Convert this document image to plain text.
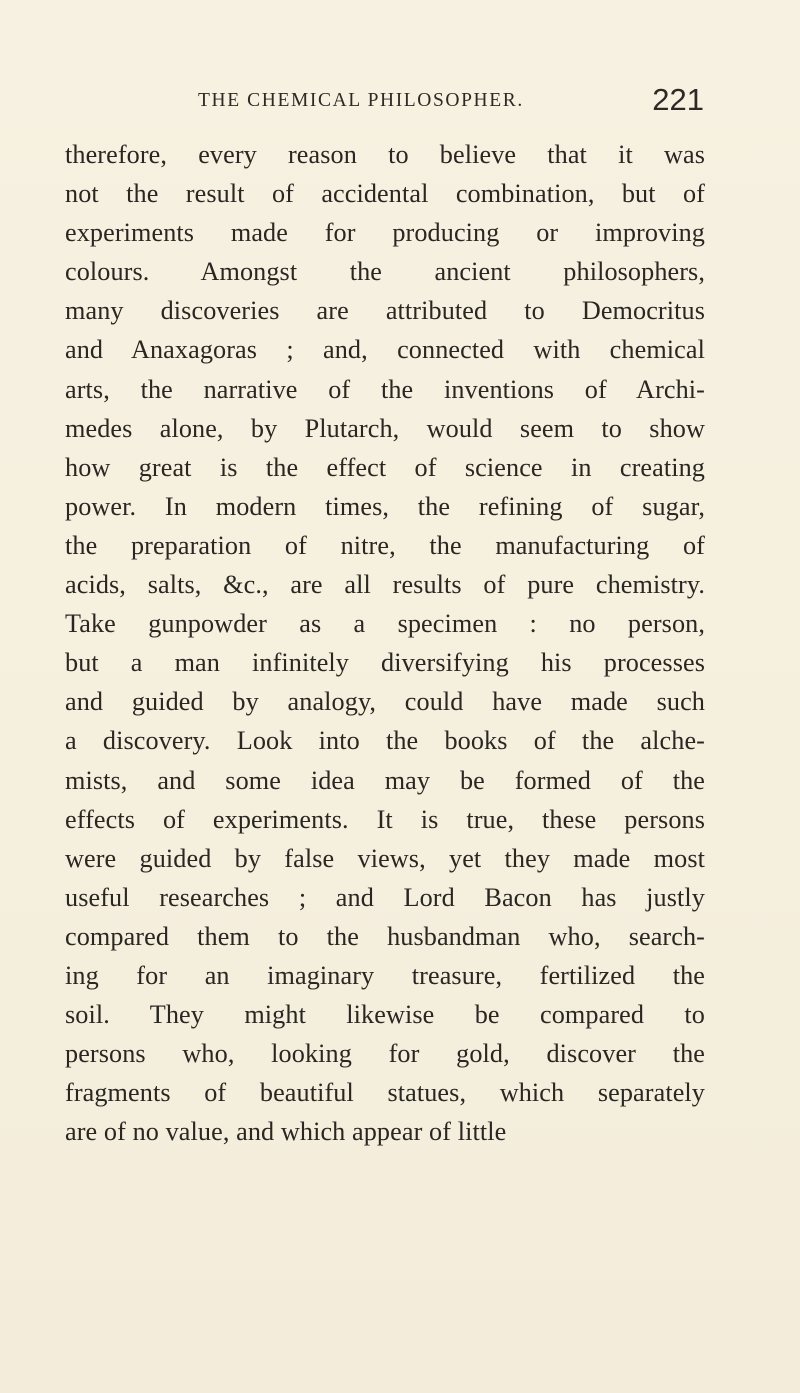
THE CHEMICAL PHILOSOPHER.	221
therefore, every reason to believe that it was
not the result of accidental combination, but of
experiments made for producing or improving
colours. Amongst the ancient philosophers,
many discoveries are attributed to Democritus
and Anaxagoras ; and, connected with chemical
arts, the narrative of the inventions of Archi-
medes alone, by Plutarch, would seem to show
how great is the effect of science in creating
power. In modern times, the refining of sugar,
the preparation of nitre, the manufacturing of
acids, salts, &c., are all results of pure chemistry.
Take gunpowder as a specimen : no person,
but a man infinitely diversifying his processes
and guided by analogy, could have made such
a discovery. Look into the books of the alche-
mists, and some idea may be formed of the
effects of experiments. It is true, these persons
were guided by false views, yet they made most
useful researches ; and Lord Bacon has justly
compared them to the husbandman who, search-
ing for an imaginary treasure, fertilized the
soil. They might likewise be compared to
persons who, looking for gold, discover the
fragments of beautiful statues, which separately
are of no value, and which appear of little
